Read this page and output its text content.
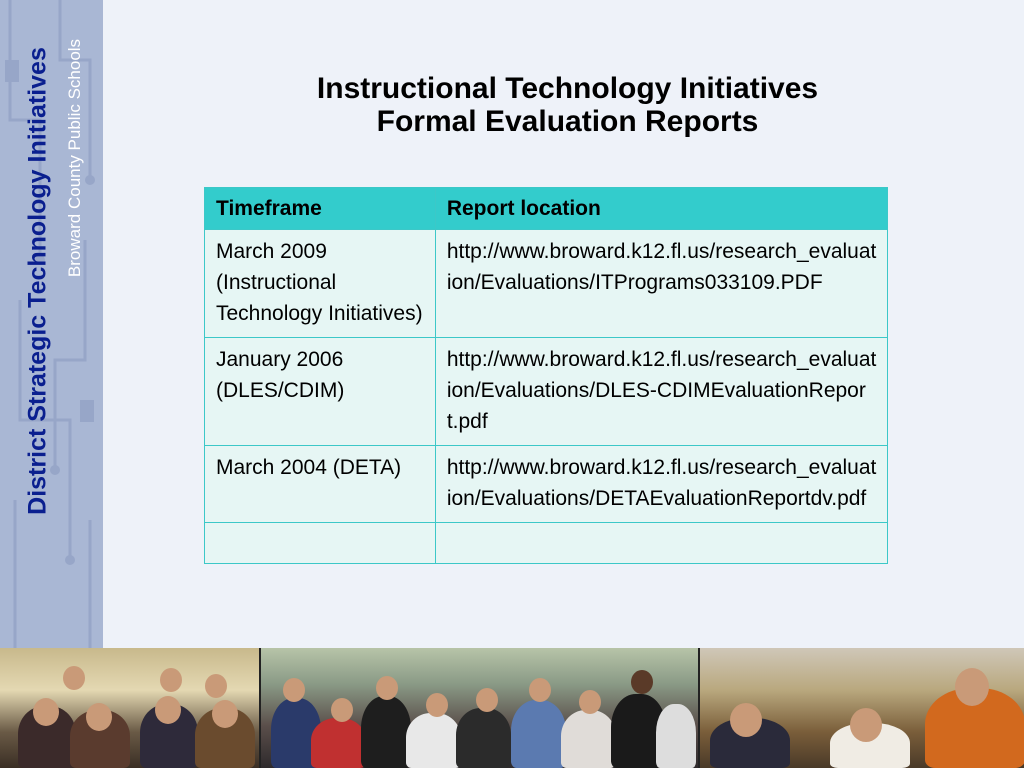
District Strategic Technology Initiatives Broward County Public Schools	Instructional Technology Initiatives
Formal Evaluation Reports
Timeframe	Report location
March 2009 (Instructional Technology Initiatives)	http://www.broward.k12.fl.us/research_evaluation/Evaluations/ITPrograms033109.PDF
January 2006 (DLES/CDIM)	http://www.broward.k12.fl.us/research_evaluation/Evaluations/DLES-CDIMEvaluationReport.pdf
March 2004 (DETA)	http://www.broward.k12.fl.us/research_evaluation/Evaluations/DETAEvaluationReportdv.pdf
